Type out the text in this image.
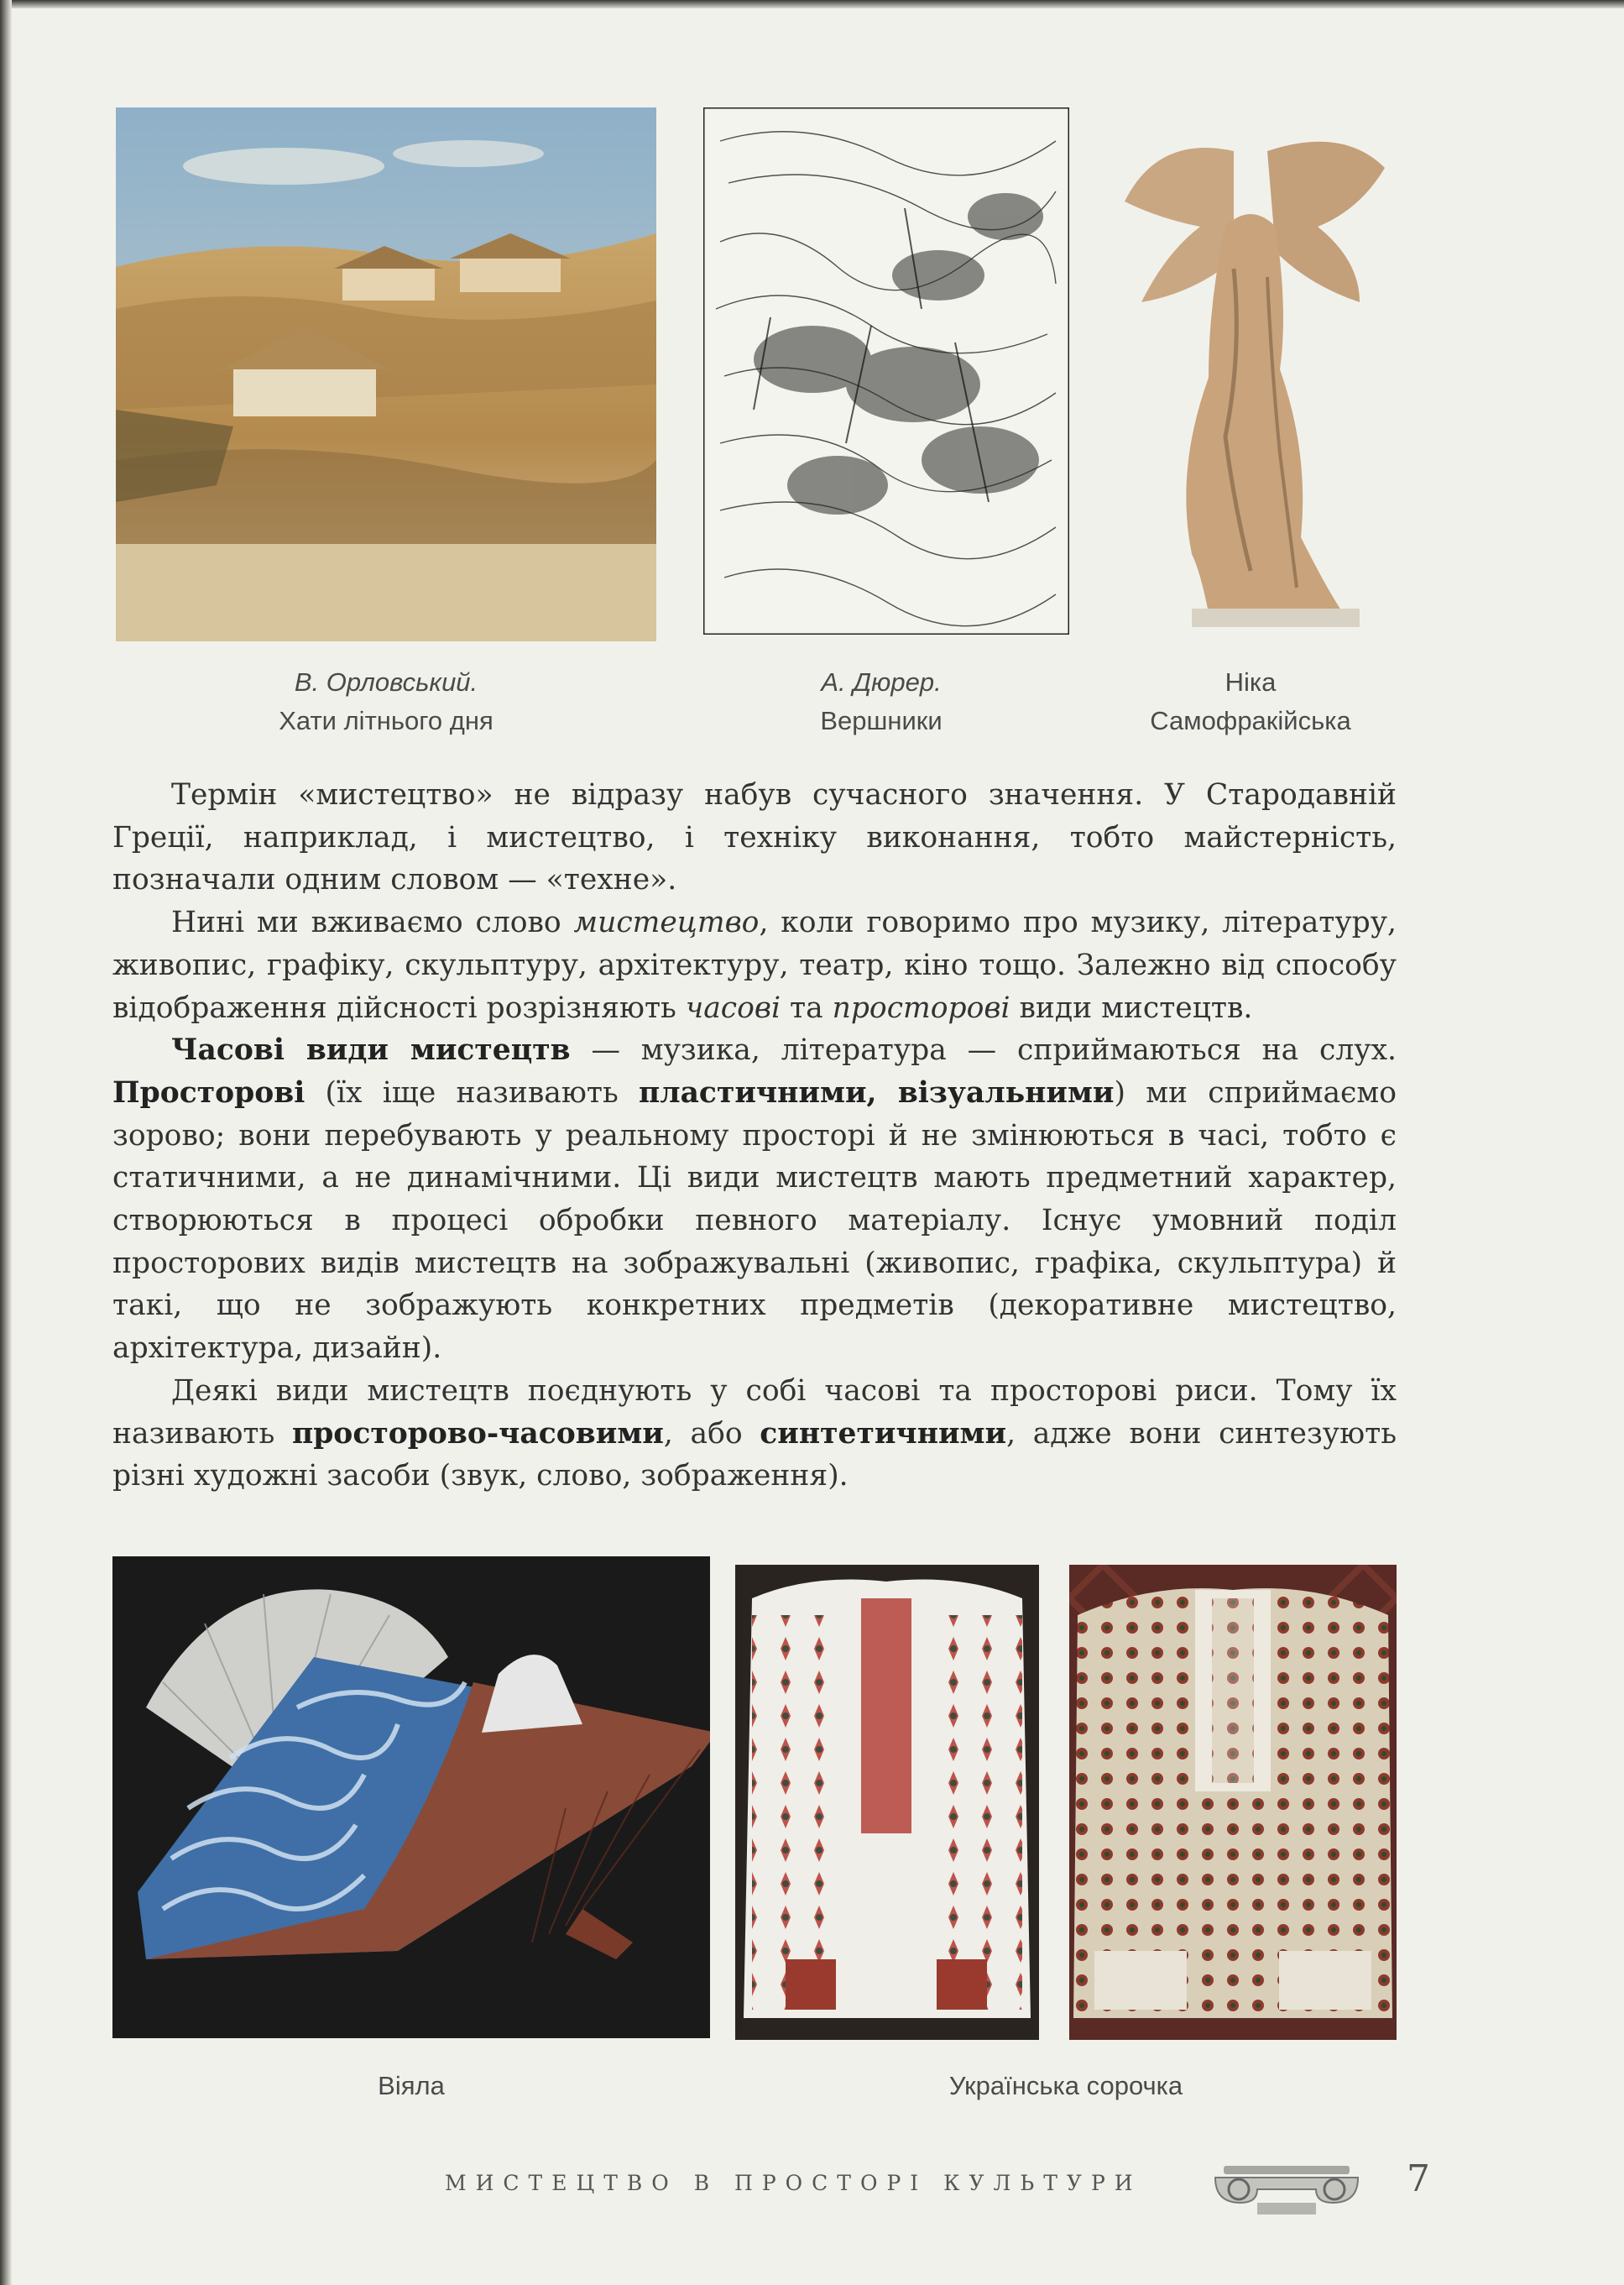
В. Орловський.
Хати літнього дня
А. Дюрер.
Вершники
Ніка
Самофракійська

Термін «мистецтво» не відразу набув сучасного значення. У Стародавній Греції, наприклад, і мистецтво, і техніку виконання, тобто майстерність, позначали одним словом — «техне».

Нині ми вживаємо слово мистецтво, коли говоримо про музику, літературу, живопис, графіку, скульптуру, архітектуру, театр, кіно тощо. Залежно від способу відображення дійсності розрізняють часові та просторові види мистецтв.

Часові види мистецтв — музика, література — сприймаються на слух. Просторові (їх іще називають пластичними, візуальними) ми сприймаємо зорово; вони перебувають у реальному просторі й не змінюються в часі, тобто є статичними, а не динамічними. Ці види мистецтв мають предметний характер, створюються в процесі обробки певного матеріалу. Існує умовний поділ просторових видів мистецтв на зображувальні (живопис, графіка, скульптура) й такі, що не зображують конкретних предметів (декоративне мистецтво, архітектура, дизайн).

Деякі види мистецтв поєднують у собі часові та просторові риси. Тому їх називають просторово-часовими, або синтетичними, адже вони синтезують різні художні засоби (звук, слово, зображення).

Віяла	Українська сорочка
МИСТЕЦТВО В ПРОСТОРІ КУЛЬТУРИ	7
